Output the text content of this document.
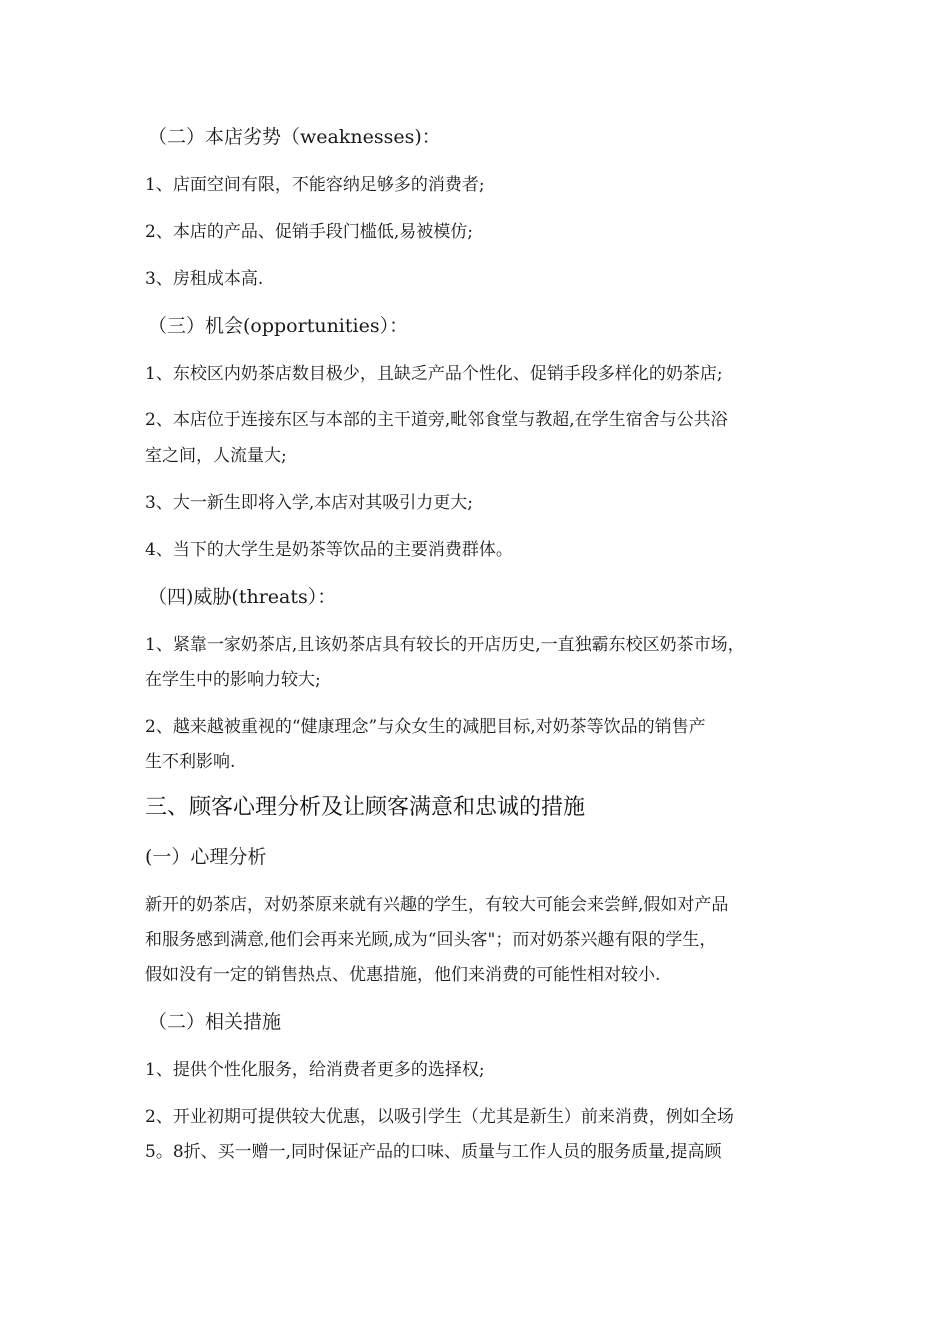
（二）本店劣势（weaknesses)：
1、店面空间有限，不能容纳足够多的消费者;
2、本店的产品、促销手段门槛低,易被模仿;
3、房租成本高.
（三）机会(opportunities）：
1、东校区内奶茶店数目极少，且缺乏产品个性化、促销手段多样化的奶茶店;
2、本店位于连接东区与本部的主干道旁,毗邻食堂与教超,在学生宿舍与公共浴
室之间，人流量大;
3、大一新生即将入学,本店对其吸引力更大;
4、当下的大学生是奶茶等饮品的主要消费群体。
（四)威胁(threats）：
1、紧靠一家奶茶店,且该奶茶店具有较长的开店历史,一直独霸东校区奶茶市场，
在学生中的影响力较大;
2、越来越被重视的“健康理念”与众女生的减肥目标,对奶茶等饮品的销售产
生不利影响.
三、顾客心理分析及让顾客满意和忠诚的措施
(一）心理分析
新开的奶茶店，对奶茶原来就有兴趣的学生，有较大可能会来尝鲜,假如对产品
和服务感到满意,他们会再来光顾,成为“回头客"；而对奶茶兴趣有限的学生，
假如没有一定的销售热点、优惠措施，他们来消费的可能性相对较小.
（二）相关措施
1、提供个性化服务，给消费者更多的选择权;
2、开业初期可提供较大优惠，以吸引学生（尤其是新生）前来消费，例如全场
5。8折、买一赠一,同时保证产品的口味、质量与工作人员的服务质量,提高顾
